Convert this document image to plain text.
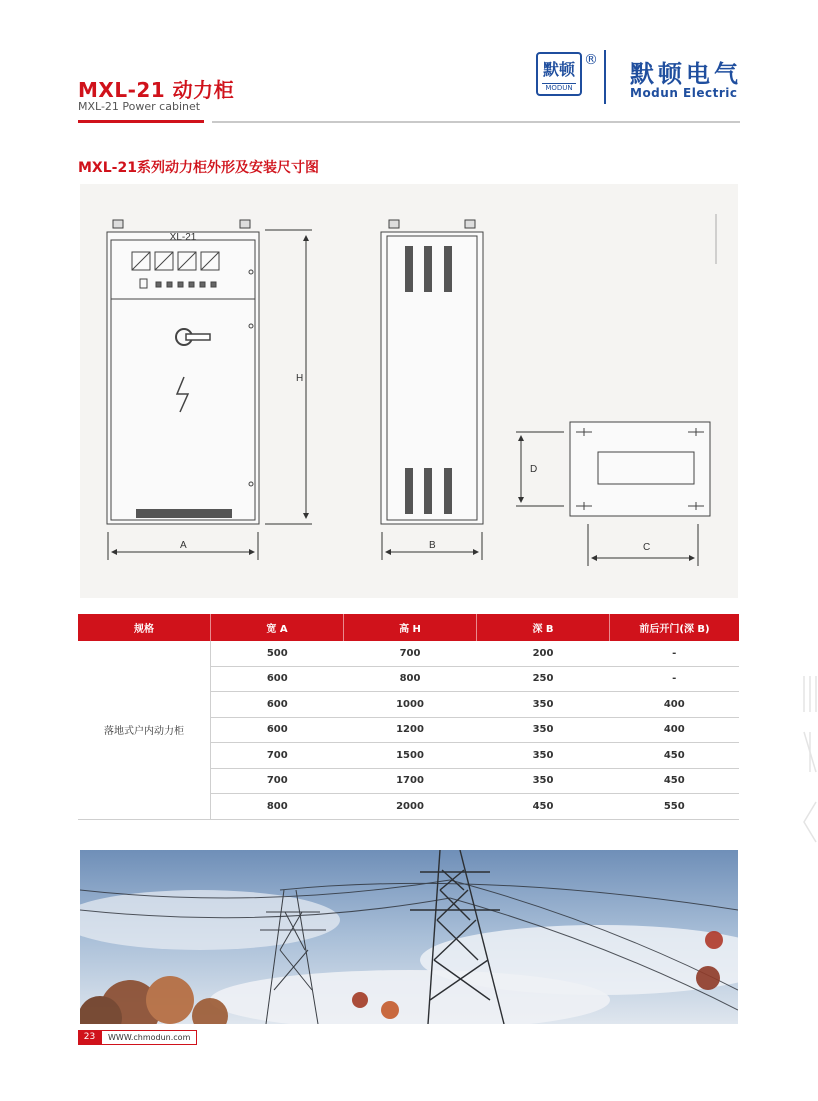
MXL-21 动力柜
MXL-21 Power cabinet
默顿
MODUN
® 默顿电气
Modun Electric
MXL-21系列动力柜外形及安装尺寸图
XL-21
H
A	B
D
C
规格	宽 A	高 H	深 B	前后开门(深 B)
落地式户内动力柜	500	700	200	-
	600	800	250	-
	600	1000	350	400
	600	1200	350	400
	700	1500	350	450
	700	1700	350	450
	800	2000	450	550
23	WWW.chmodun.com
